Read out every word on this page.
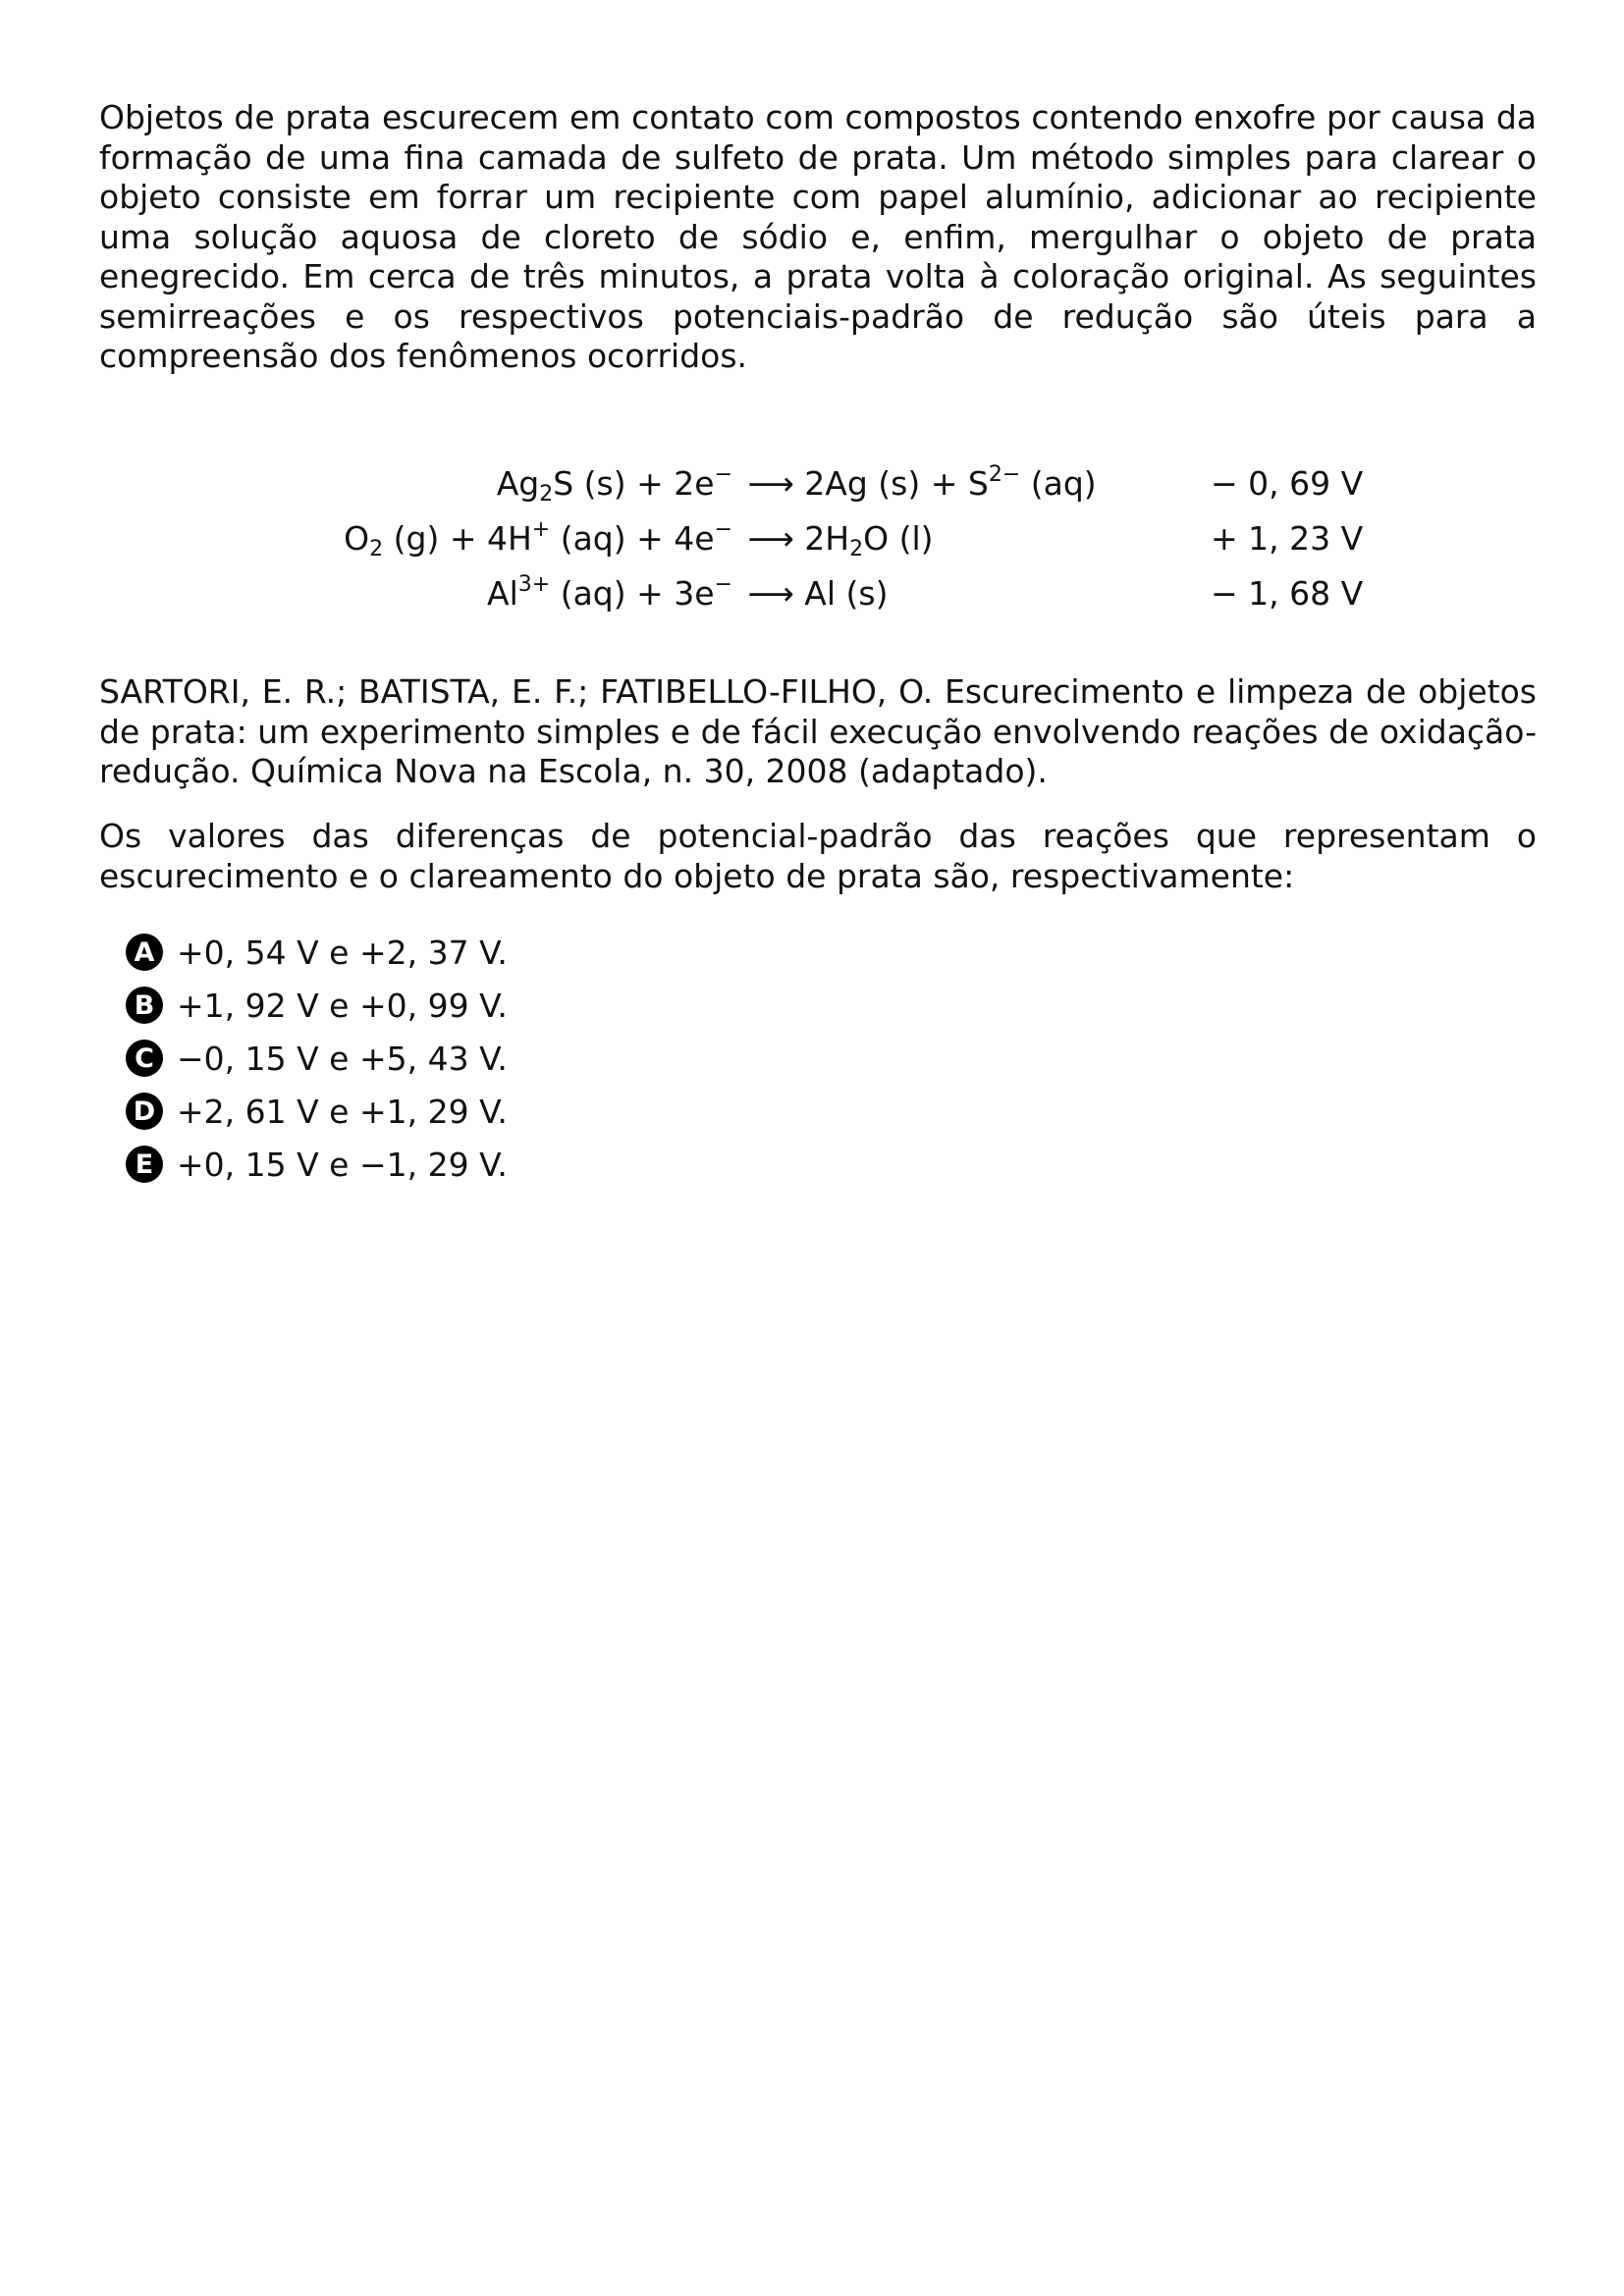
Objetos de prata escurecem em contato com compostos contendo enxofre por causa da formação de uma fina camada de sulfeto de prata. Um método simples para clarear o objeto consiste em forrar um recipiente com papel alumínio, adicionar ao recipiente uma solução aquosa de cloreto de sódio e, enfim, mergulhar o objeto de prata enegrecido. Em cerca de três minutos, a prata volta à coloração original. As seguintes semirreações e os respectivos potenciais-padrão de redução são úteis para a compreensão dos fenômenos ocorridos.

$Ag_2S$ (s) + 2e− ⟶ 2Ag $(s) + S^{2-}$ (aq)	− 0, 69 V
$O_2$ (g) + 4H+ (aq) + 4e− ⟶ $2H_2O$ (l)	+ 1, 23 V
$Al^{3+}$ (aq) + 3e− ⟶ Al (s)	− 1, 68 V

SARTORI, E. R.; BATISTA, E. F.; FATIBELLO-FILHO, O. Escurecimento e limpeza de objetos de prata: um experimento simples e de fácil execução envolvendo reações de oxidação-redução. Química Nova na Escola, n. 30, 2008 (adaptado).

Os valores das diferenças de potencial-padrão das reações que representam o escurecimento e o clareamento do objeto de prata são, respectivamente:

A +0, 54 V e +2, 37 V.
B +1, 92 V e +0, 99 V.
C −0, 15 V e +5, 43 V.
D +2, 61 V e +1, 29 V.
E +0, 15 V e −1, 29 V.
